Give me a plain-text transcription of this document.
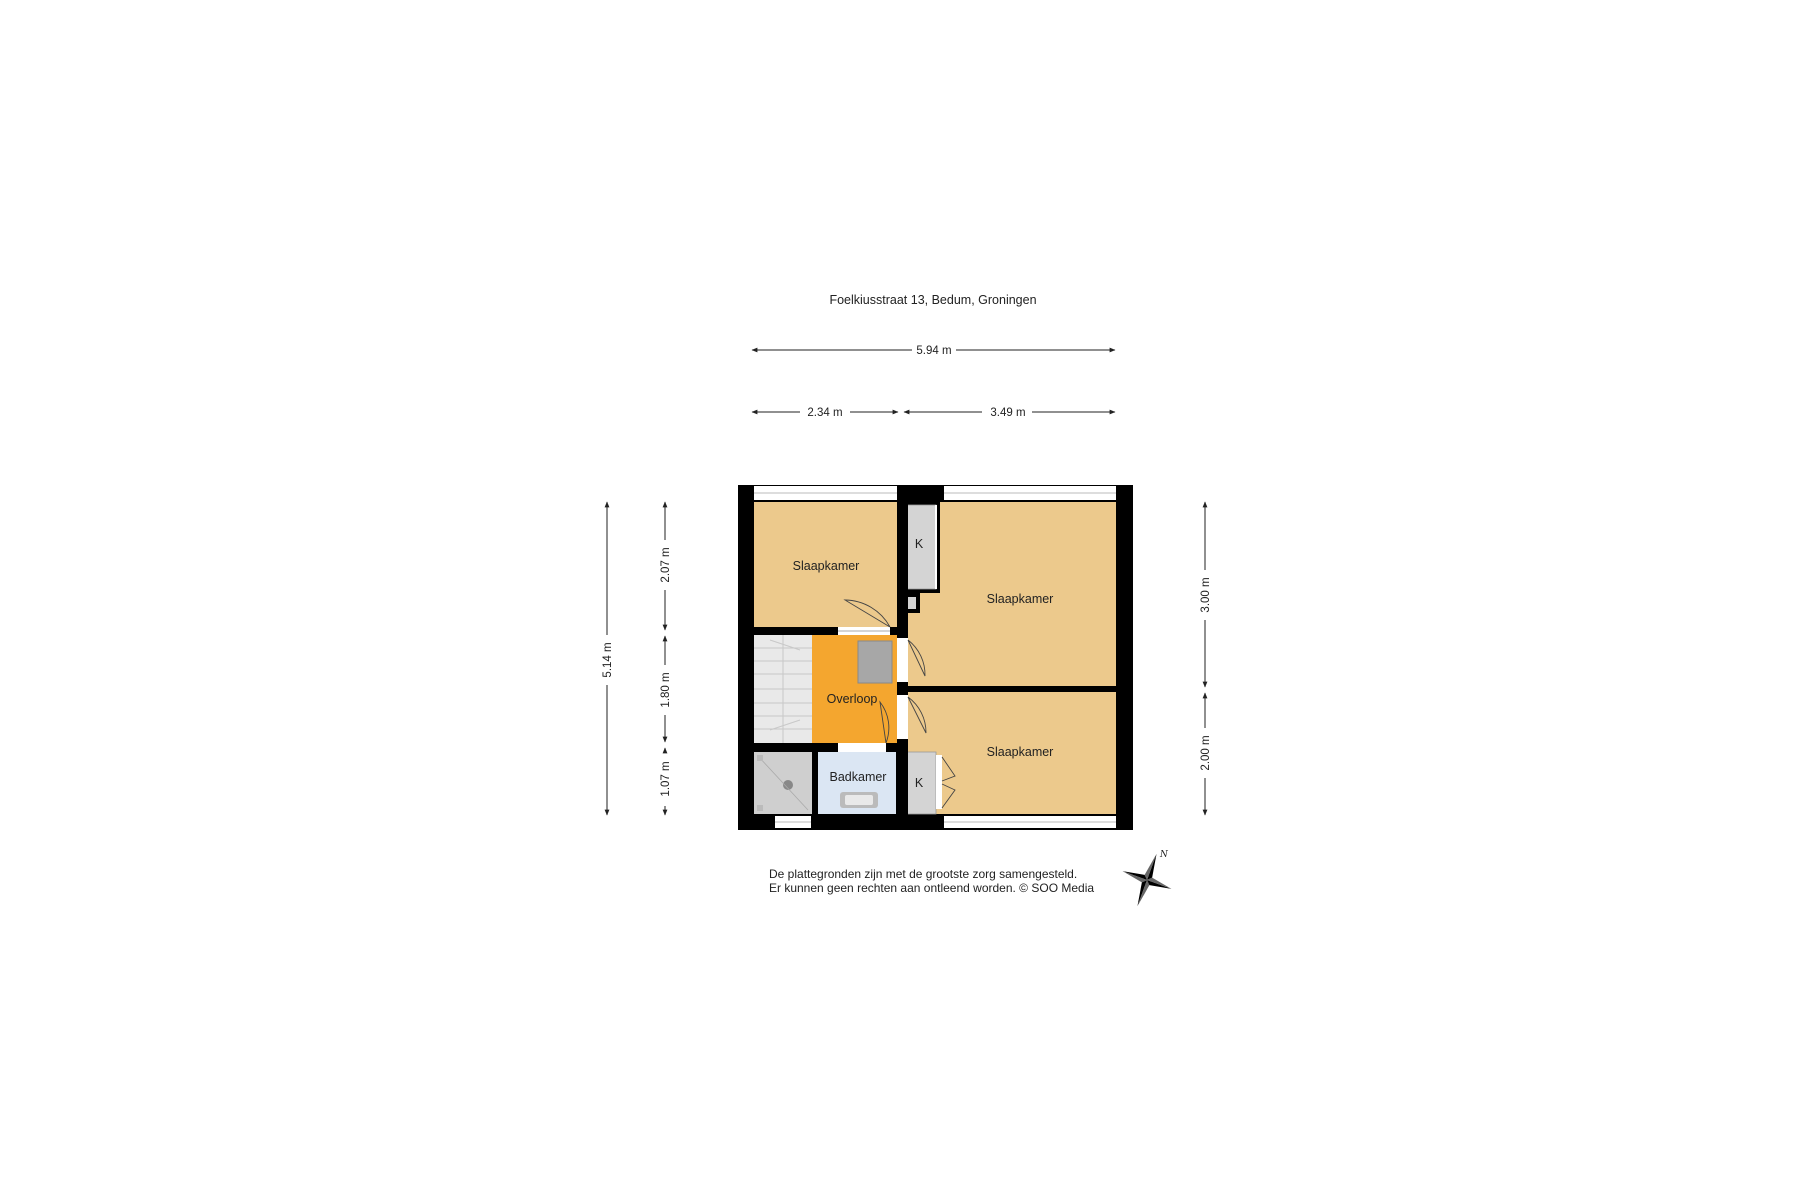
Foelkiusstraat 13, Bedum, Groningen
5.94 m
2.34 m	3.49 m
5.14 m
2.07 m
1.80 m
1.07 m
3.00 m
2.00 m
Slaapkamer
Slaapkamer
Slaapkamer
Overloop
Badkamer
K
K
De plattegronden zijn met de grootste zorg samengesteld.
Er kunnen geen rechten aan ontleend worden. © SOO Media
N
